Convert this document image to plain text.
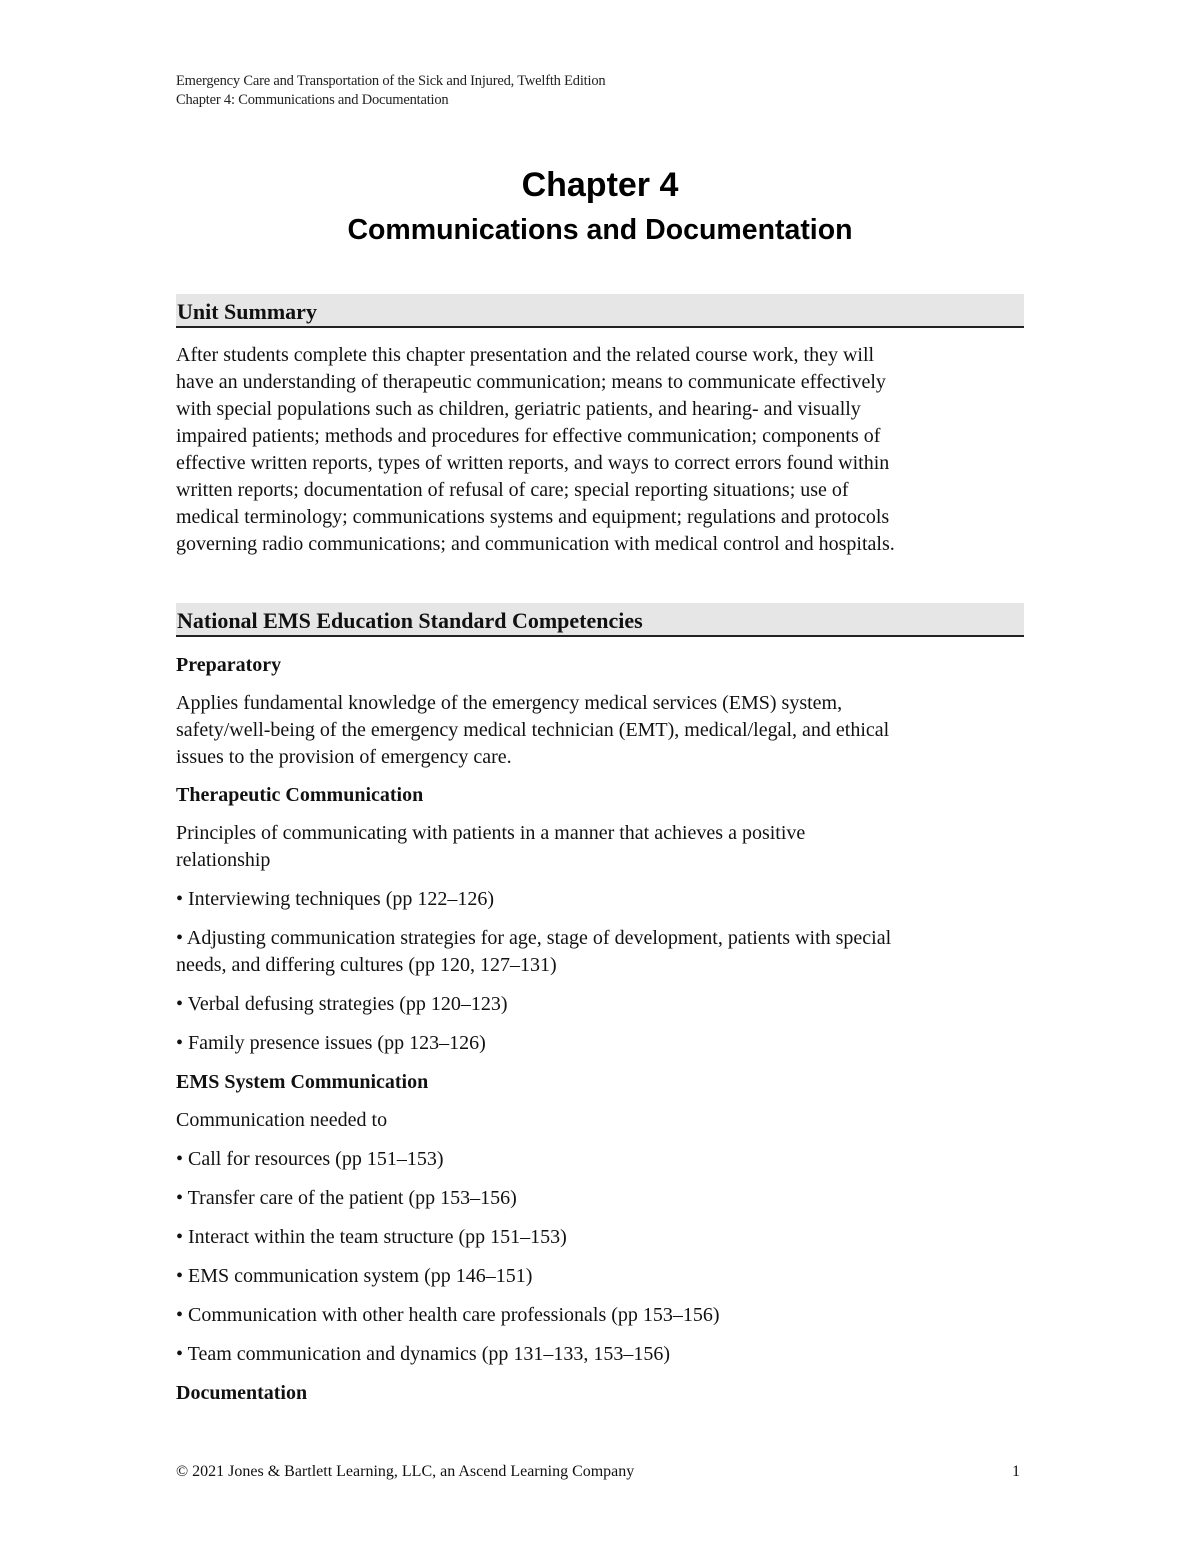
Emergency Care and Transportation of the Sick and Injured, Twelfth Edition
Chapter 4: Communications and Documentation
Chapter 4
Communications and Documentation
Unit Summary
After students complete this chapter presentation and the related course work, they will
have an understanding of therapeutic communication; means to communicate effectively
with special populations such as children, geriatric patients, and hearing- and visually
impaired patients; methods and procedures for effective communication; components of
effective written reports, types of written reports, and ways to correct errors found within
written reports; documentation of refusal of care; special reporting situations; use of
medical terminology; communications systems and equipment; regulations and protocols
governing radio communications; and communication with medical control and hospitals.
National EMS Education Standard Competencies
Preparatory
Applies fundamental knowledge of the emergency medical services (EMS) system,
safety/well-being of the emergency medical technician (EMT), medical/legal, and ethical
issues to the provision of emergency care.
Therapeutic Communication
Principles of communicating with patients in a manner that achieves a positive
relationship
• Interviewing techniques (pp 122–126)
• Adjusting communication strategies for age, stage of development, patients with special
needs, and differing cultures (pp 120, 127–131)
• Verbal defusing strategies (pp 120–123)
• Family presence issues (pp 123–126)
EMS System Communication
Communication needed to
• Call for resources (pp 151–153)
• Transfer care of the patient (pp 153–156)
• Interact within the team structure (pp 151–153)
• EMS communication system (pp 146–151)
• Communication with other health care professionals (pp 153–156)
• Team communication and dynamics (pp 131–133, 153–156)
Documentation
© 2021 Jones & Bartlett Learning, LLC, an Ascend Learning Company	1
